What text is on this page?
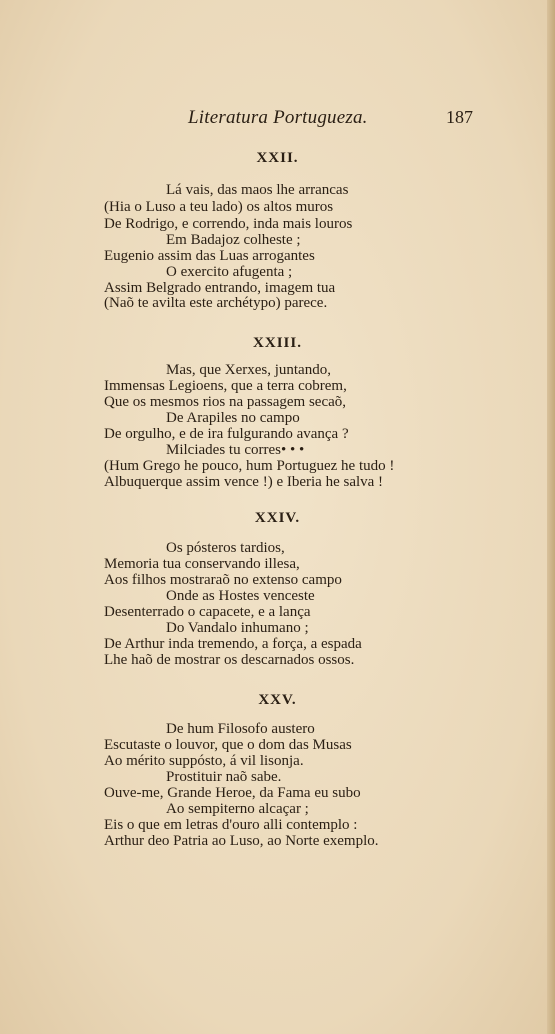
Literatura Portugueza.	187
XXII.
Lá vais, das maos lhe arrancas
(Hia o Luso a teu lado) os altos muros
De Rodrigo, e correndo, inda mais louros
Em Badajoz colheste ;
Eugenio assim das Luas arrogantes
O exercito afugenta ;
Assim Belgrado entrando, imagem tua
(Naõ te avilta este archétypo) parece.
XXIII.
Mas, que Xerxes, juntando,
Immensas Legioens, que a terra cobrem,
Que os mesmos rios na passagem secaõ,
De Arapiles no campo
De orgulho, e de ira fulgurando avança ?
Milciades tu corres• • •
(Hum Grego he pouco, hum Portuguez he tudo !
Albuquerque assim vence !) e Iberia he salva !
XXIV.
Os pósteros tardios,
Memoria tua conservando illesa,
Aos filhos mostraraõ no extenso campo
Onde as Hostes venceste
Desenterrado o capacete, e a lança
Do Vandalo inhumano ;
De Arthur inda tremendo, a força, a espada
Lhe haõ de mostrar os descarnados ossos.
XXV.
De hum Filosofo austero
Escutaste o louvor, que o dom das Musas
Ao mérito suppósto, á vil lisonja.
Prostituir naõ sabe.
Ouve-me, Grande Heroe, da Fama eu subo
Ao sempiterno alcaçar ;
Eis o que em letras d'ouro alli contemplo :
Arthur deo Patria ao Luso, ao Norte exemplo.
